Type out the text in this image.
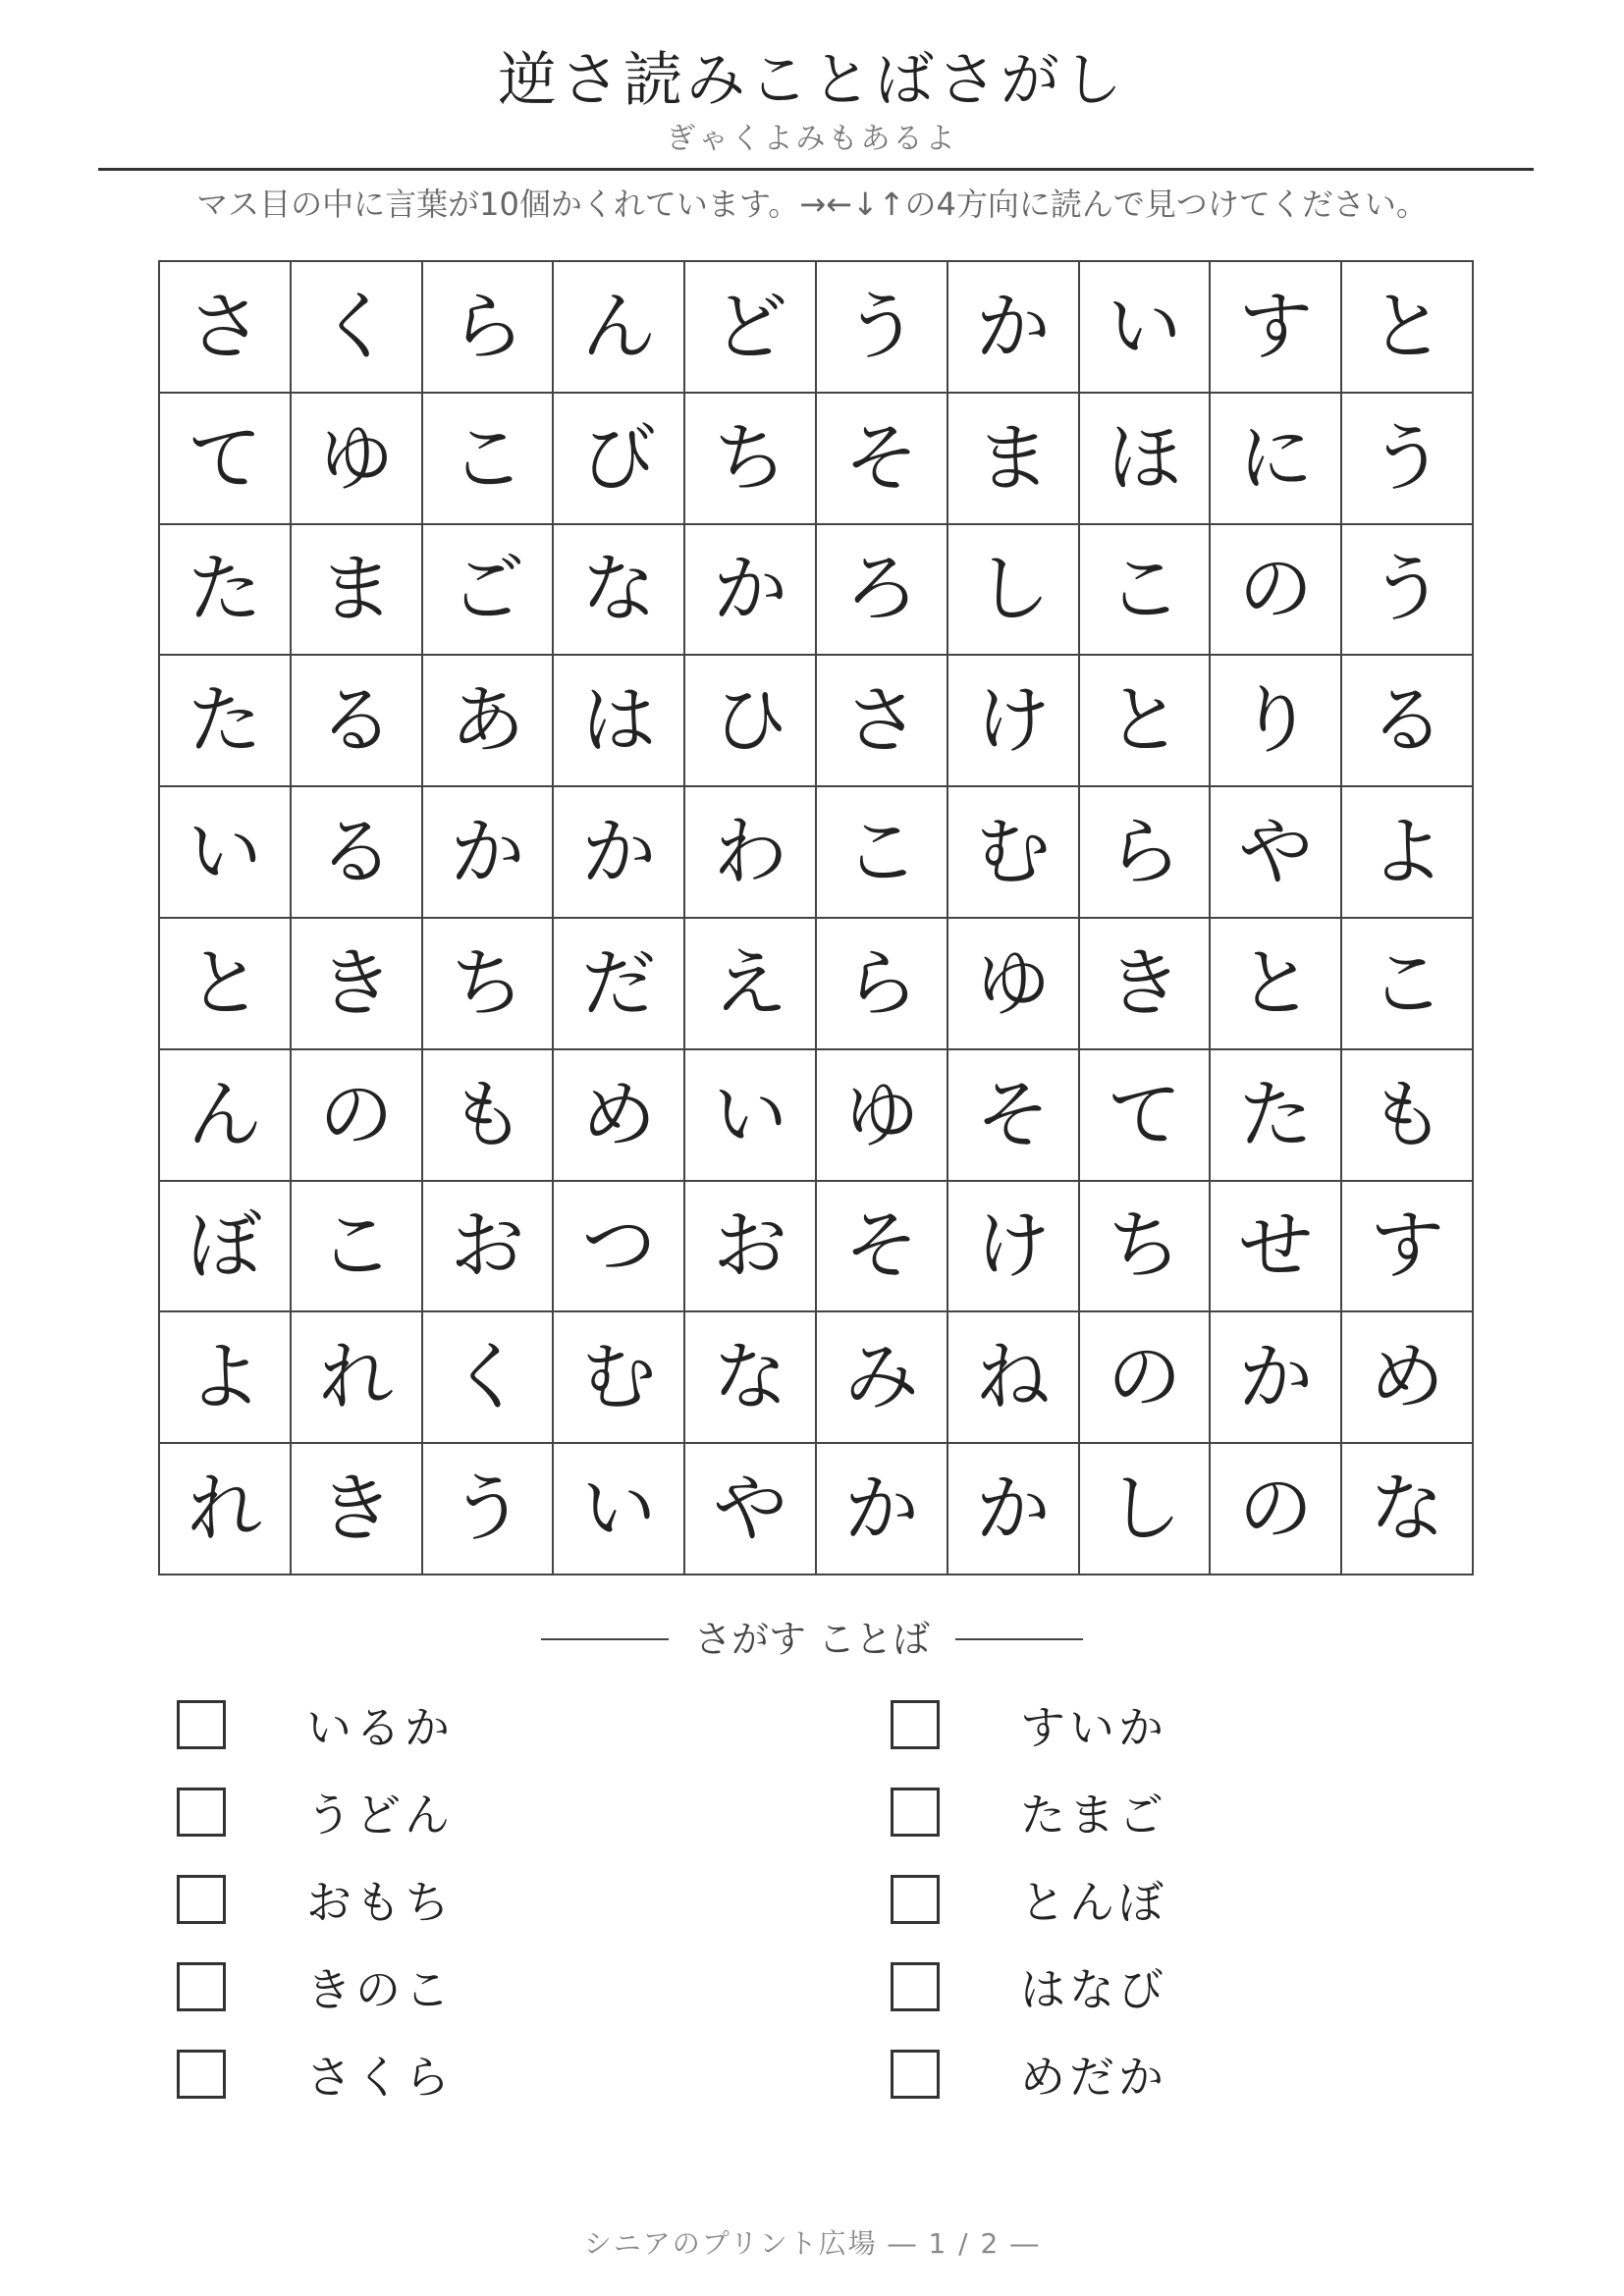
逆さ読みことばさがし
ぎゃくよみもあるよ
マス目の中に言葉が10個かくれています。→←↓↑の4方向に読んで見つけてください。
さ く ら ん ど う か い す と
て ゆ こ び ち そ ま ほ に う
た ま ご な か ろ し こ の う
た る あ は ひ さ け と り る
い る か か わ こ む ら や よ
と き ち だ え ら ゆ き と こ
ん の も め い ゆ そ て た も
ぼ こ お つ お そ け ち せ す
よ れ く む な み ね の か め
れ き う い や か か し の な
さがす ことば
いるか
うどん
おもち
きのこ
さくら
すいか
たまご
とんぼ
はなび
めだか
シニアのプリント広場 ― 1 / 2 ―
